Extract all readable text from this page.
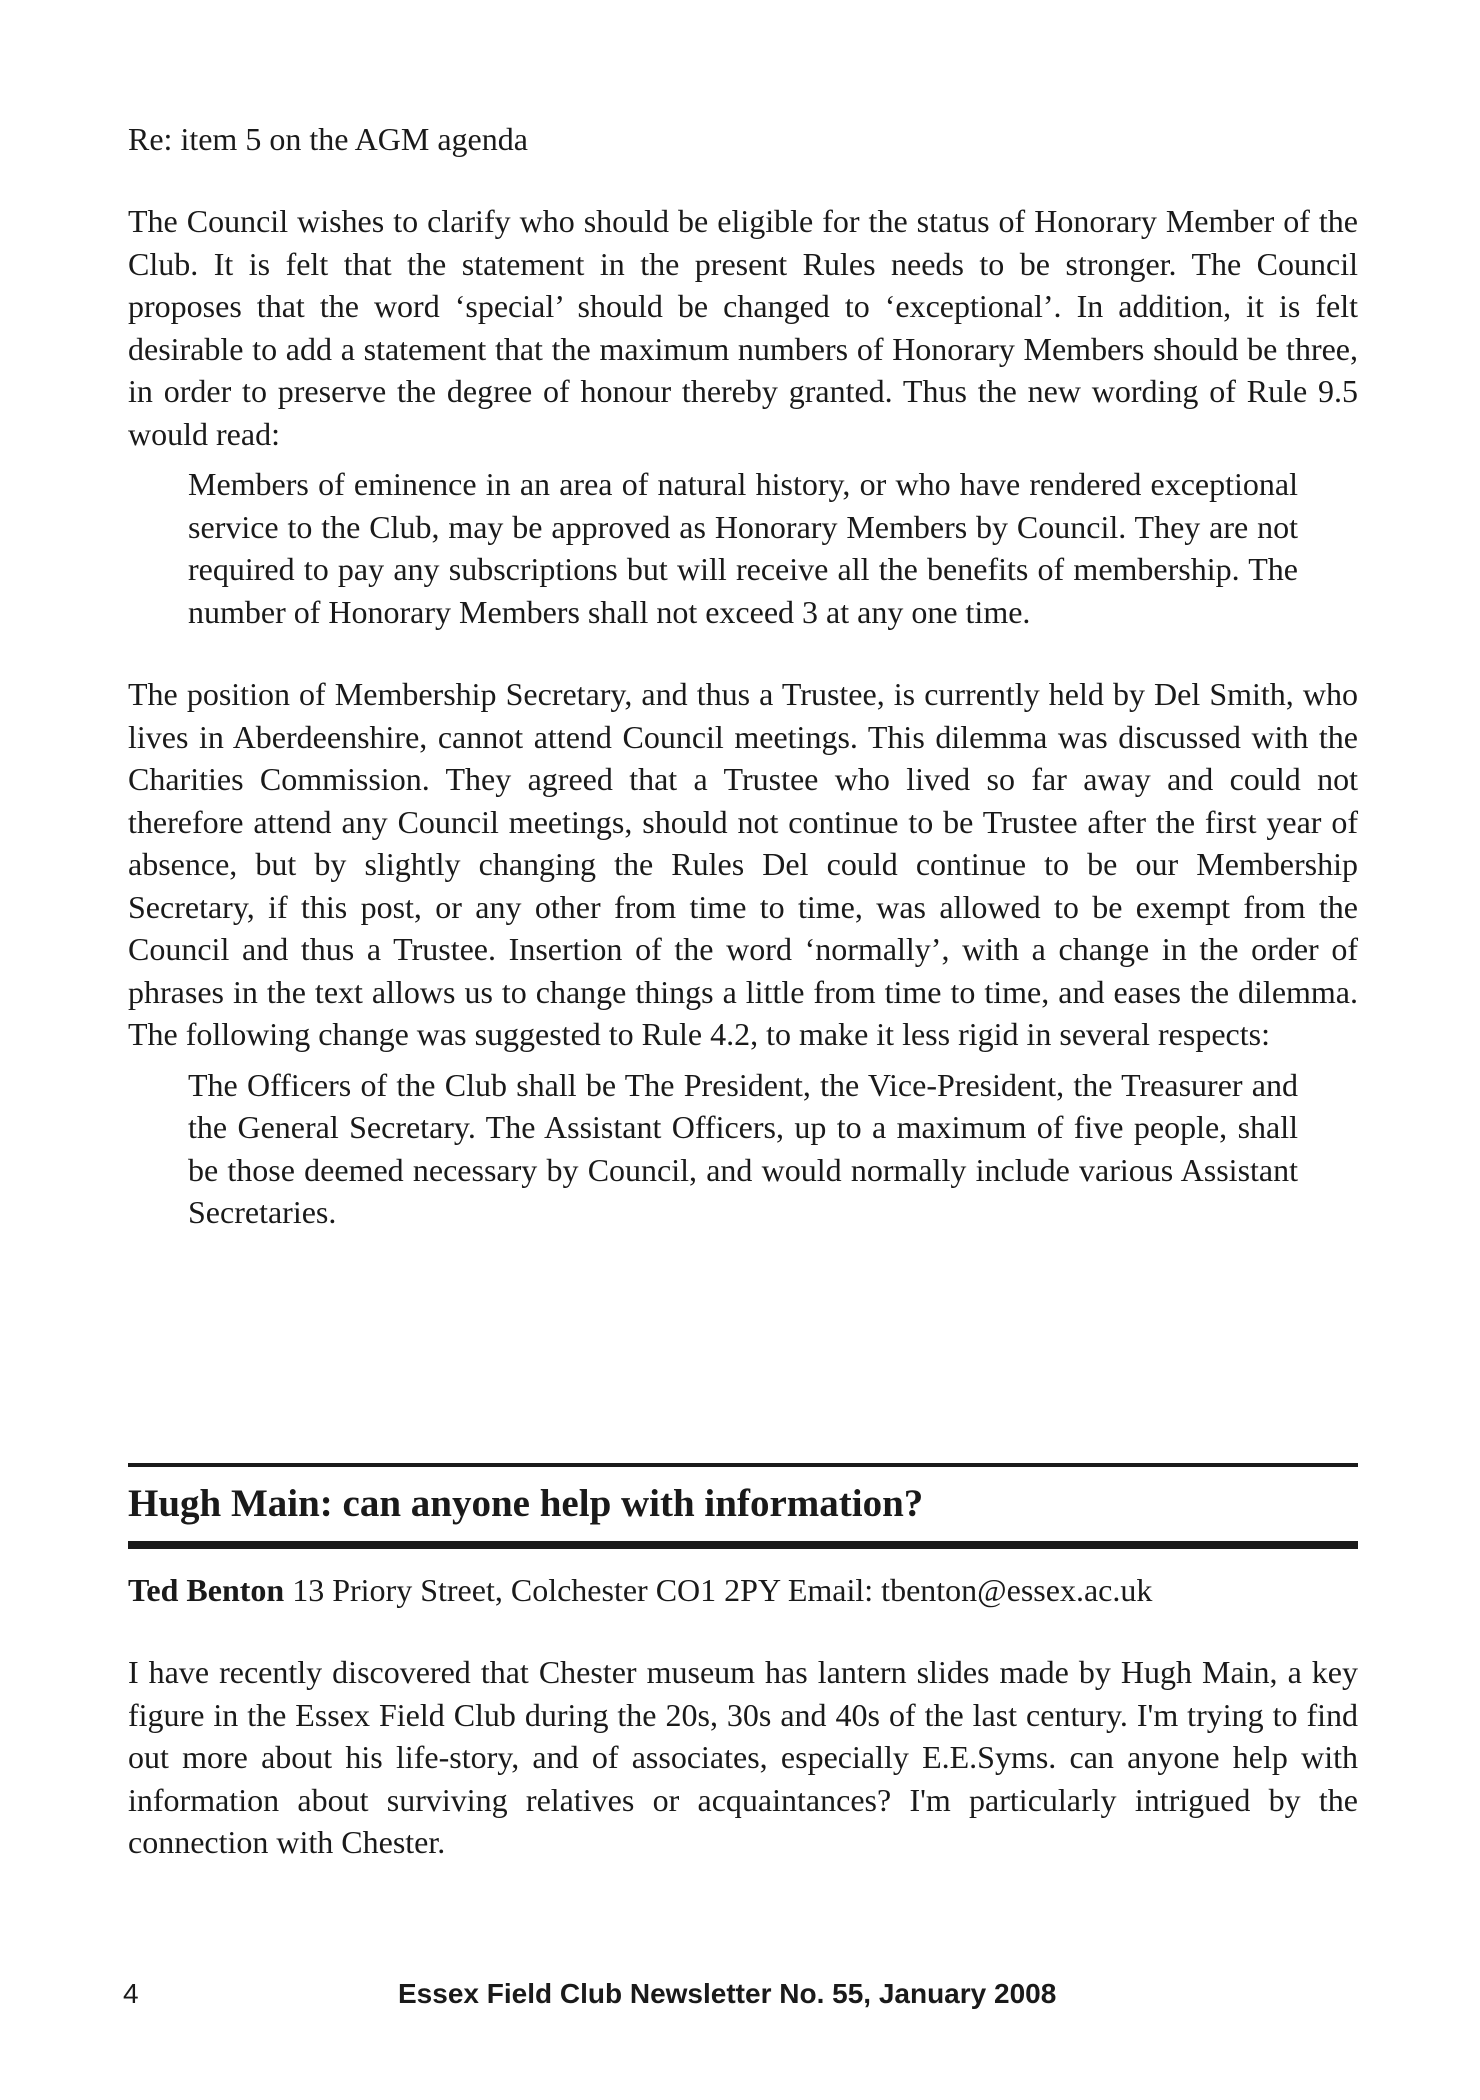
Re: item 5 on the AGM agenda

The Council wishes to clarify who should be eligible for the status of Honorary Member of the Club. It is felt that the statement in the present Rules needs to be stronger. The Council proposes that the word ‘special’ should be changed to ‘exceptional’. In addition, it is felt desirable to add a statement that the maximum numbers of Honorary Members should be three, in order to preserve the degree of honour thereby granted. Thus the new wording of Rule 9.5 would read:

Members of eminence in an area of natural history, or who have rendered exceptional service to the Club, may be approved as Honorary Members by Council. They are not required to pay any subscriptions but will receive all the benefits of membership. The number of Honorary Members shall not exceed 3 at any one time.

The position of Membership Secretary, and thus a Trustee, is currently held by Del Smith, who lives in Aberdeenshire, cannot attend Council meetings. This dilemma was discussed with the Charities Commission. They agreed that a Trustee who lived so far away and could not therefore attend any Council meetings, should not continue to be Trustee after the first year of absence, but by slightly changing the Rules Del could continue to be our Membership Secretary, if this post, or any other from time to time, was allowed to be exempt from the Council and thus a Trustee. Insertion of the word ‘normally’, with a change in the order of phrases in the text allows us to change things a little from time to time, and eases the dilemma. The following change was suggested to Rule 4.2, to make it less rigid in several respects:

The Officers of the Club shall be The President, the Vice-President, the Treasurer and the General Secretary. The Assistant Officers, up to a maximum of five people, shall be those deemed necessary by Council, and would normally include various Assistant Secretaries.

Hugh Main: can anyone help with information?

Ted Benton 13 Priory Street, Colchester CO1 2PY Email: tbenton@essex.ac.uk

I have recently discovered that Chester museum has lantern slides made by Hugh Main, a key figure in the Essex Field Club during the 20s, 30s and 40s of the last century. I'm trying to find out more about his life-story, and of associates, especially E.E.Syms. can anyone help with information about surviving relatives or acquaintances? I'm particularly intrigued by the connection with Chester.

4	Essex Field Club Newsletter No. 55, January 2008
